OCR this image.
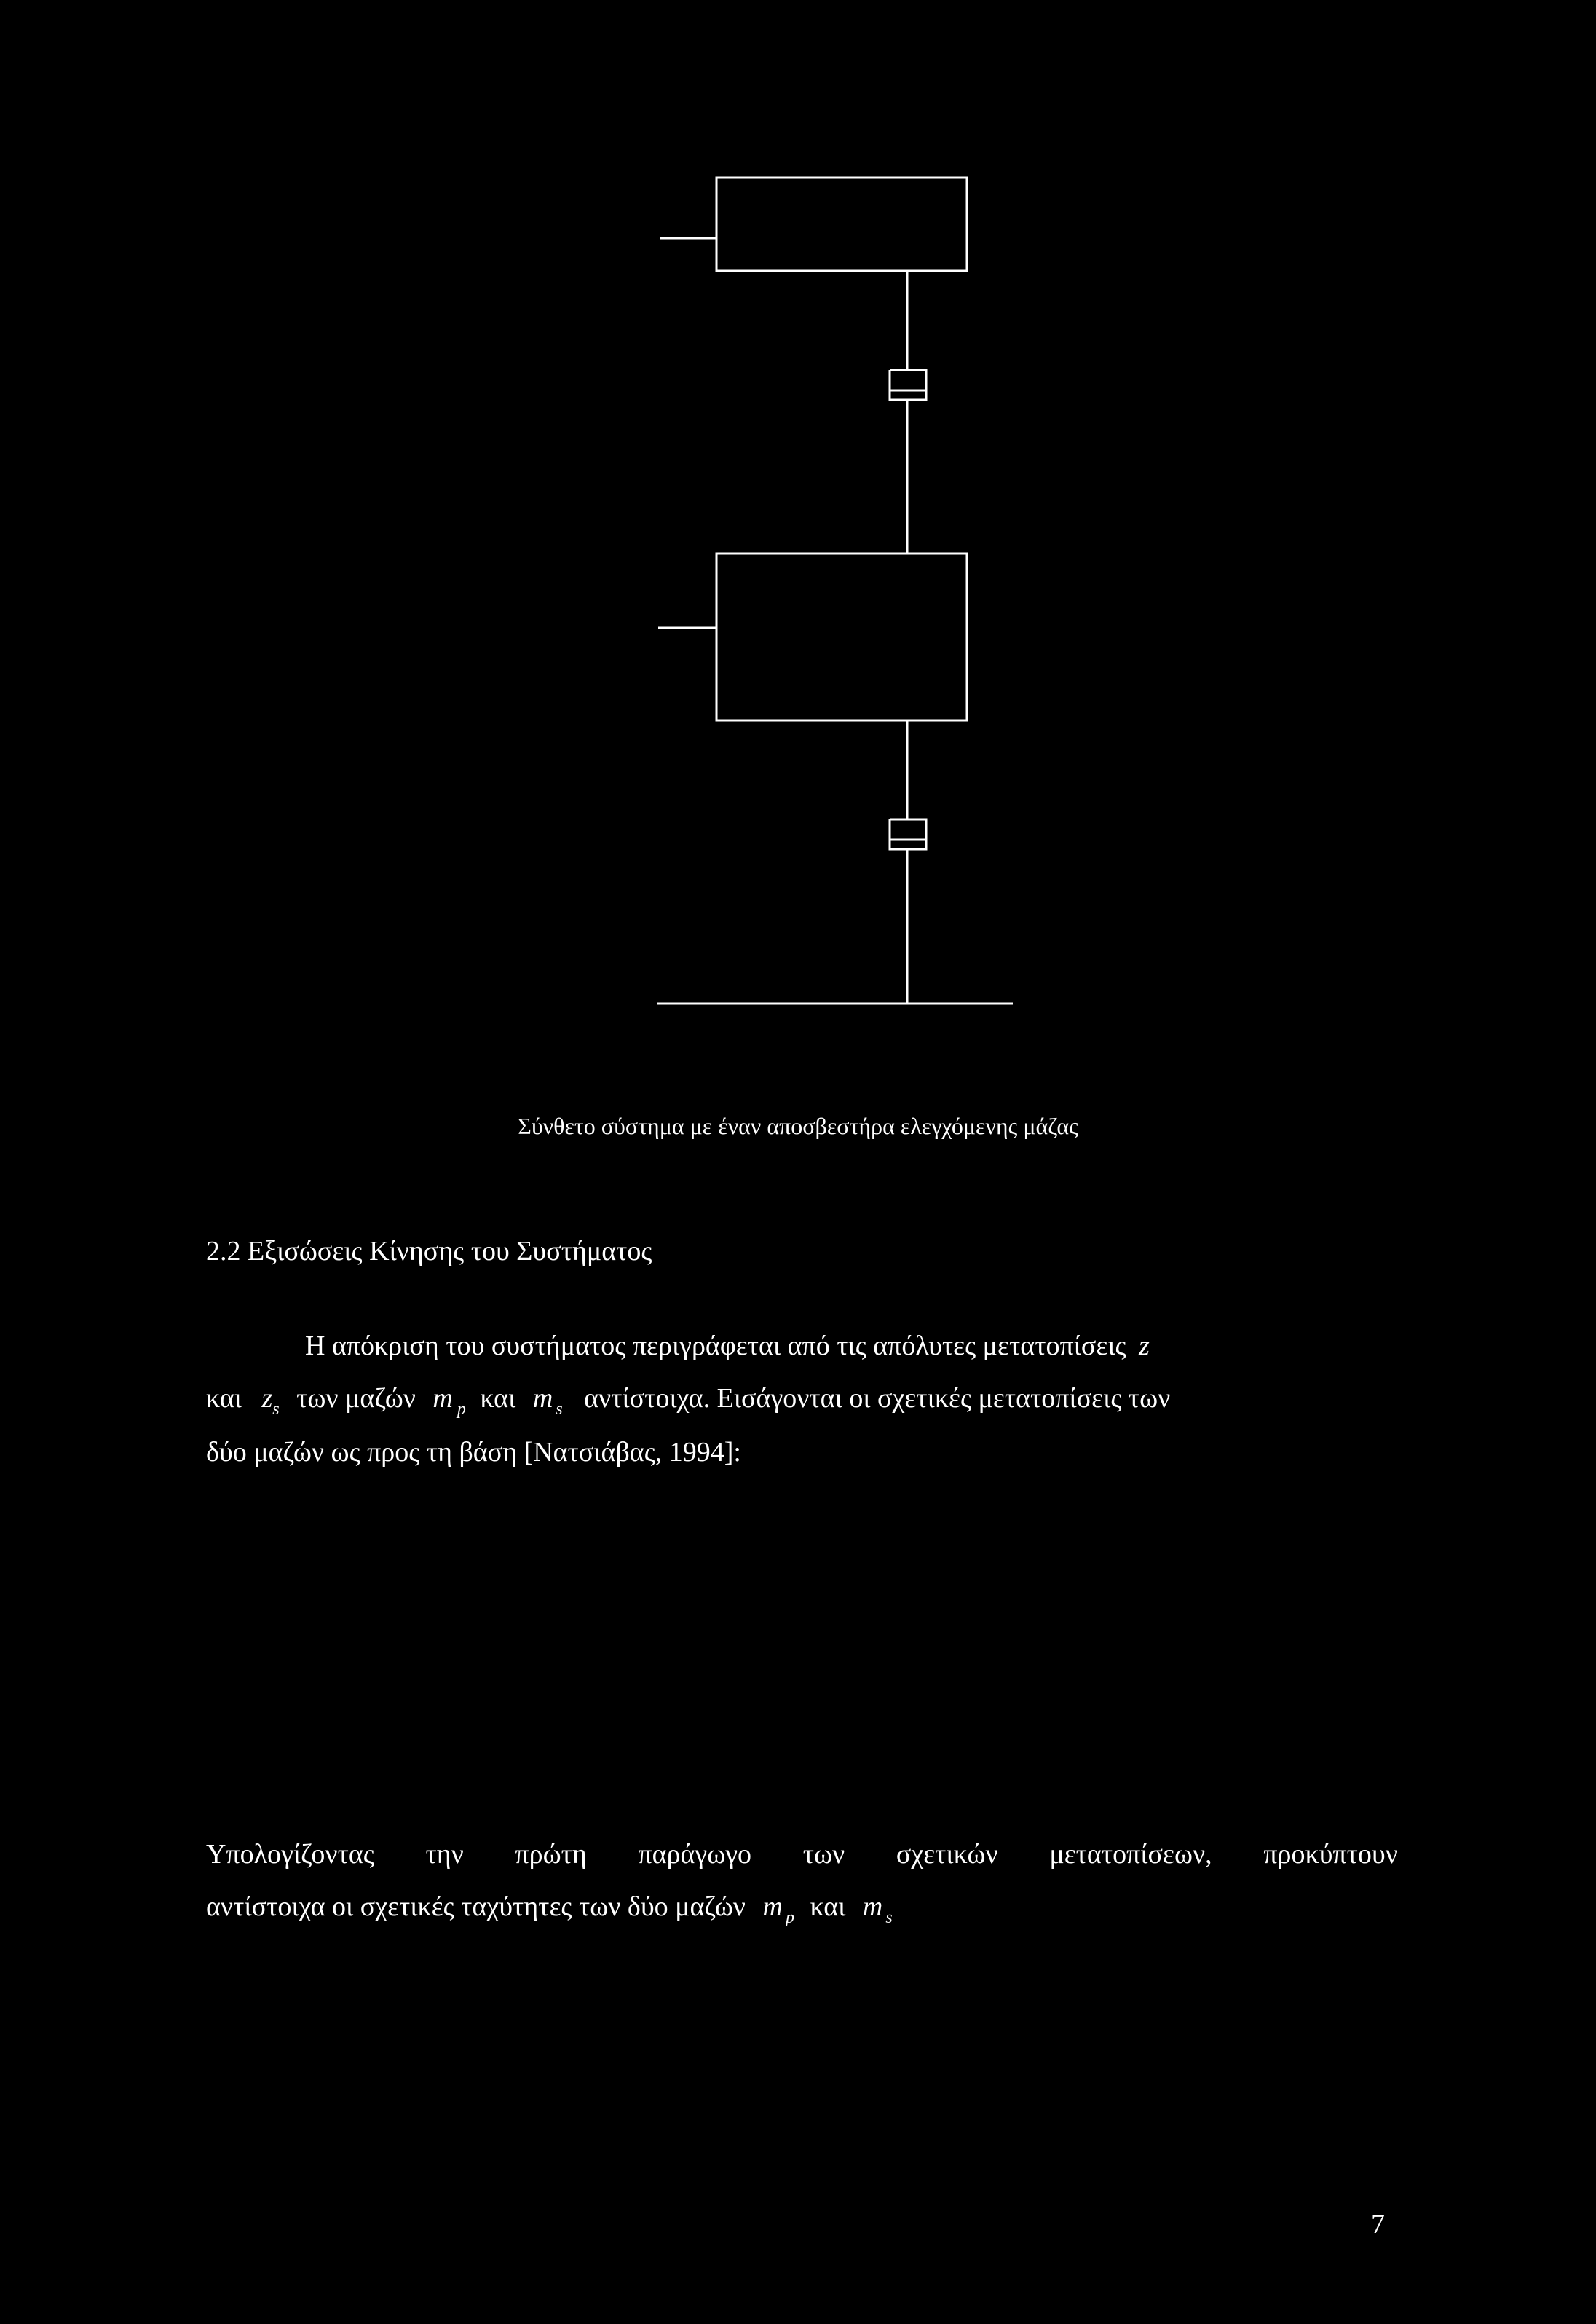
Σύνθετο σύστημα με έναν αποσβεστήρα ελεγχόμενης μάζας
2.2 Εξισώσεις Κίνησης του Συστήματος
Η απόκριση του συστήματος περιγράφεται από τις απόλυτες μετατοπίσεις z
και $z_s$ των μαζών m $_p$ και m $_s$ αντίστοιχα. Εισάγονται οι σχετικές μετατοπίσεις των
δύο μαζών ως προς τη βάση [Νατσιάβας, 1994]:
Υπολογίζοντας την πρώτη παράγωγο των σχετικών μετατοπίσεων, προκύπτουν
αντίστοιχα οι σχετικές ταχύτητες των δύο μαζών m $_p$ και m $_s$
7
